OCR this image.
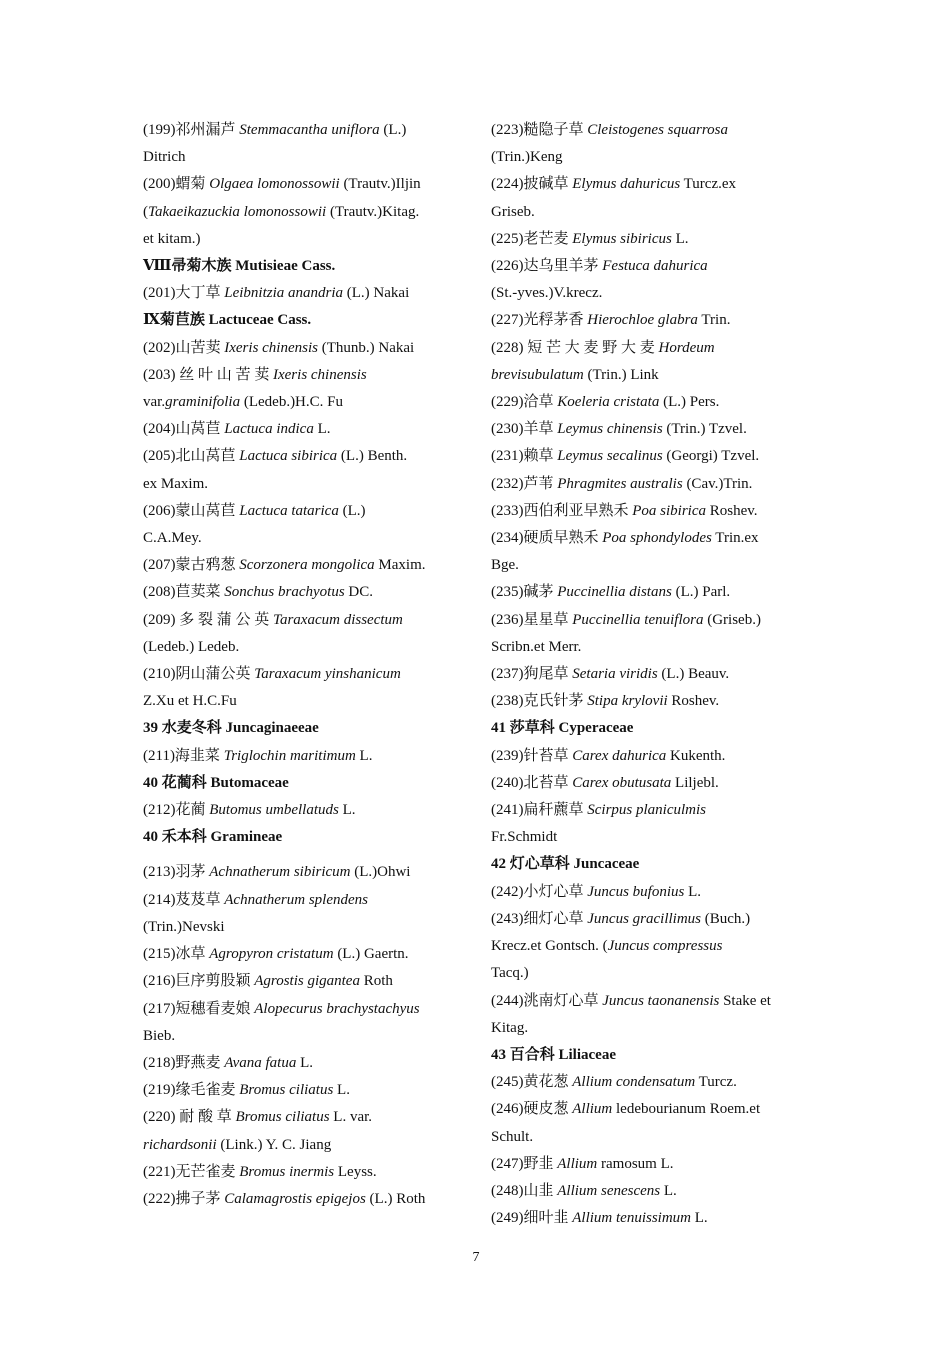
(199)祁州漏芦 Stemmacantha uniflora (L.)
Ditrich
(200)蝟菊 Olgaea lomonossowii (Trautv.)Iljin
(Takaeikazuckia lomonossowii (Trautv.)Kitag.
et kitam.)
Ⅷ帚菊木族 Mutisieae Cass.
(201)大丁草 Leibnitzia anandria (L.) Nakai
Ⅸ菊苣族 Lactuceae Cass.
(202)山苦荬 Ixeris chinensis (Thunb.) Nakai
(203) 丝 叶 山 苦 荬 Ixeris chinensis
var.graminifolia (Ledeb.)H.C. Fu
(204)山莴苣 Lactuca indica L.
(205)北山莴苣 Lactuca sibirica (L.) Benth.
ex Maxim.
(206)蒙山莴苣 Lactuca tatarica (L.)
C.A.Mey.
(207)蒙古鸦葱 Scorzonera mongolica Maxim.
(208)苣荬菜 Sonchus brachyotus DC.
(209) 多 裂 蒲 公 英 Taraxacum dissectum
(Ledeb.) Ledeb.
(210)阴山蒲公英 Taraxacum yinshanicum
Z.Xu et H.C.Fu
39 水麦冬科 Juncaginaeeae
(211)海韭菜 Triglochin maritimum L.
40 花蔺科 Butomaceae
(212)花蔺 Butomus umbellatuds L.
40 禾本科 Gramineae
(213)羽茅 Achnatherum sibiricum (L.)Ohwi
(214)芨芨草 Achnatherum splendens
(Trin.)Nevski
(215)冰草 Agropyron cristatum (L.) Gaertn.
(216)巨序剪股颖 Agrostis gigantea Roth
(217)短穗看麦娘 Alopecurus brachystachyus
Bieb.
(218)野燕麦 Avana fatua L.
(219)缘毛雀麦 Bromus ciliatus L.
(220) 耐 酸 草 Bromus ciliatus L. var.
richardsonii (Link.) Y. C. Jiang
(221)无芒雀麦 Bromus inermis Leyss.
(222)拂子茅 Calamagrostis epigejos (L.) Roth
(223)糙隐子草 Cleistogenes squarrosa
(Trin.)Keng
(224)披碱草 Elymus dahuricus Turcz.ex
Griseb.
(225)老芒麦 Elymus sibiricus L.
(226)达乌里羊茅 Festuca dahurica
(St.-yves.)V.krecz.
(227)光稃茅香 Hierochloe glabra Trin.
(228) 短 芒 大 麦 野 大 麦 Hordeum
brevisubulatum (Trin.) Link
(229)洽草 Koeleria cristata (L.) Pers.
(230)羊草 Leymus chinensis (Trin.) Tzvel.
(231)赖草 Leymus secalinus (Georgi) Tzvel.
(232)芦苇 Phragmites australis (Cav.)Trin.
(233)西伯利亚早熟禾 Poa sibirica Roshev.
(234)硬质早熟禾 Poa sphondylodes Trin.ex
Bge.
(235)碱茅 Puccinellia distans (L.) Parl.
(236)星星草 Puccinellia tenuiflora (Griseb.)
Scribn.et Merr.
(237)狗尾草 Setaria viridis (L.) Beauv.
(238)克氏针茅 Stipa krylovii Roshev.
41 莎草科 Cyperaceae
(239)针苔草 Carex dahurica Kukenth.
(240)北苔草 Carex obutusata Liljebl.
(241)扁秆藨草 Scirpus planiculmis
Fr.Schmidt
42 灯心草科 Juncaceae
(242)小灯心草 Juncus bufonius L.
(243)细灯心草 Juncus gracillimus (Buch.)
Krecz.et Gontsch. (Juncus compressus
Tacq.)
(244)洮南灯心草 Juncus taonanensis Stake et
Kitag.
43 百合科 Liliaceae
(245)黄花葱 Allium condensatum Turcz.
(246)硬皮葱 Allium ledebourianum Roem.et
Schult.
(247)野韭 Allium ramosum L.
(248)山韭 Allium senescens L.
(249)细叶韭 Allium tenuissimum L.
7
